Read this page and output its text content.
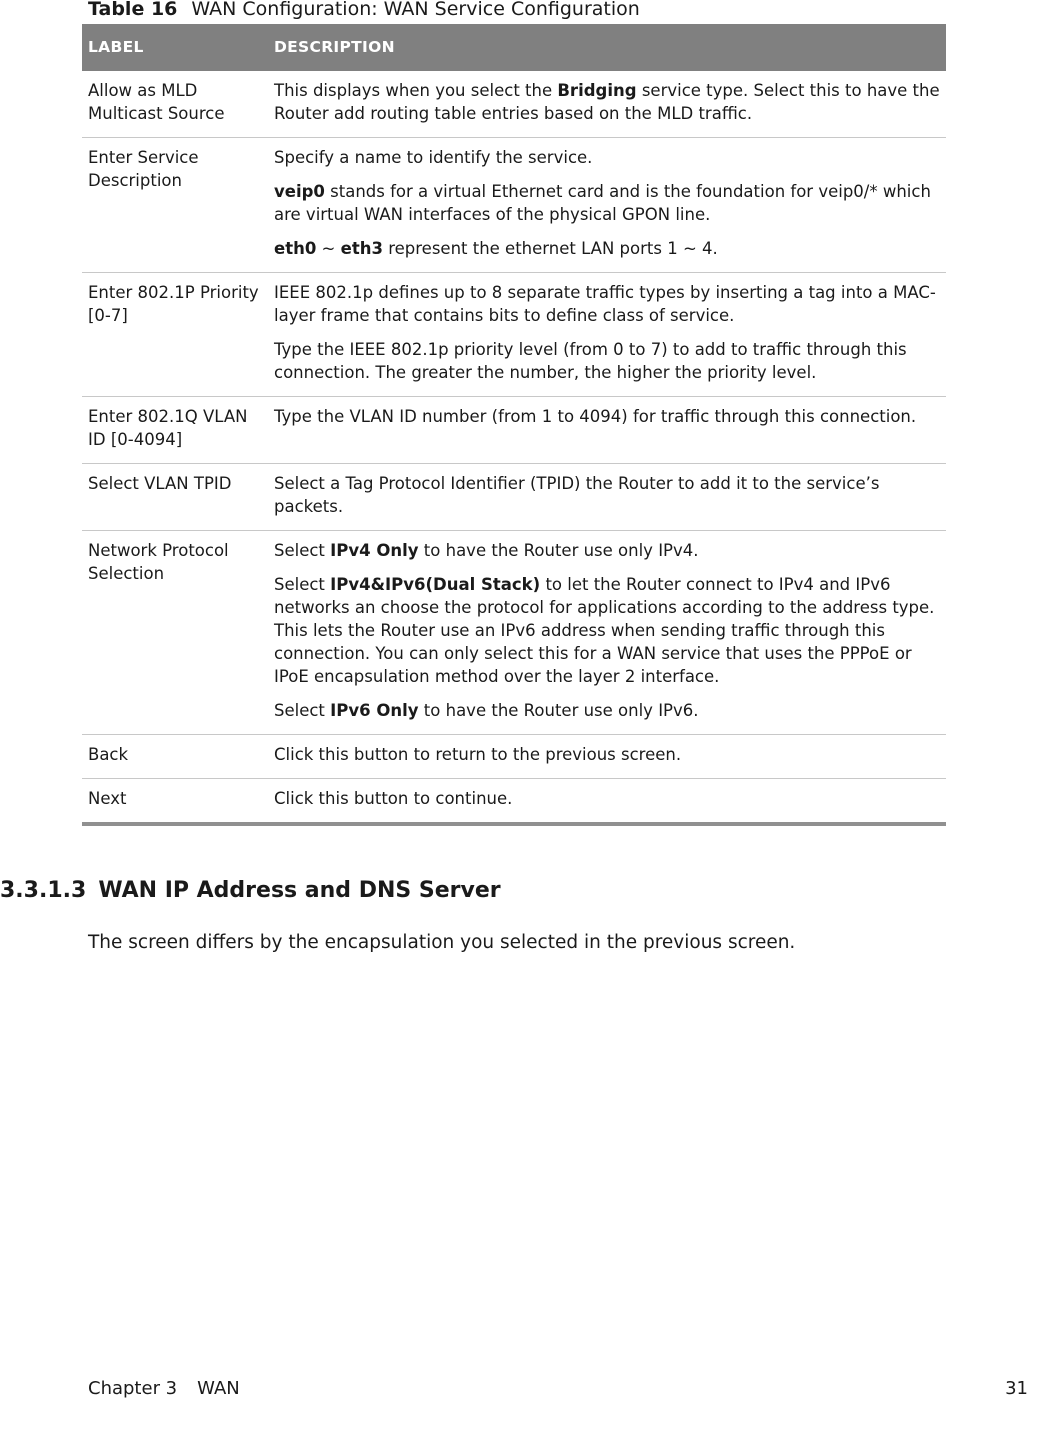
Table 16 WAN Configuration: WAN Service Configuration
LABEL	DESCRIPTION
Allow as MLD Multicast Source	This displays when you select the Bridging service type. Select this to have the Router add routing table entries based on the MLD traffic.

Enter Service Description	Specify a name to identify the service.

veip0 stands for a virtual Ethernet card and is the foundation for veip0/* which are virtual WAN interfaces of the physical GPON line.

eth0 ~ eth3 represent the ethernet LAN ports 1 ~ 4.

Enter 802.1P Priority [0-7]	IEEE 802.1p defines up to 8 separate traffic types by inserting a tag into a MAC-layer frame that contains bits to define class of service.

Type the IEEE 802.1p priority level (from 0 to 7) to add to traffic through this connection. The greater the number, the higher the priority level.

Enter 802.1Q VLAN ID [0-4094]	Type the VLAN ID number (from 1 to 4094) for traffic through this connection.

Select VLAN TPID	Select a Tag Protocol Identifier (TPID) the Router to add it to the service’s packets.

Network Protocol Selection	Select IPv4 Only to have the Router use only IPv4.

Select IPv4&IPv6(Dual Stack) to let the Router connect to IPv4 and IPv6 networks an choose the protocol for applications according to the address type. This lets the Router use an IPv6 address when sending traffic through this connection. You can only select this for a WAN service that uses the PPPoE or IPoE encapsulation method over the layer 2 interface.

Select IPv6 Only to have the Router use only IPv6.

Back	Click this button to return to the previous screen.

Next	Click this button to continue.

3.3.1.3 WAN IP Address and DNS Server
The screen differs by the encapsulation you selected in the previous screen.
Chapter 3 WAN	31
